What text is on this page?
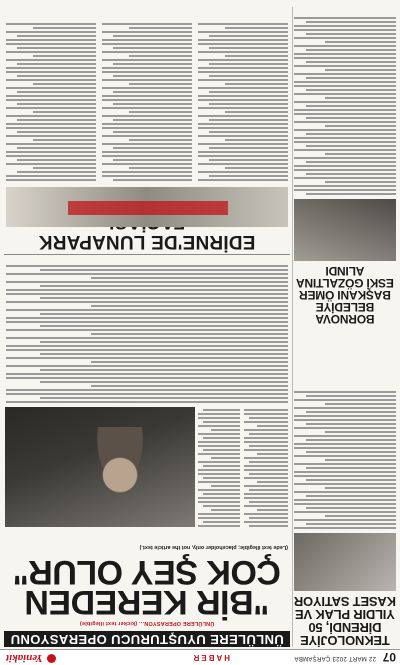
07
22 MART 2023 ÇARŞAMBA
HABER
Yeniakit
ÜNLÜLERE UYUŞTURUCU OPERASYONU
ÜNLÜLERE OPERASYON... (kicker text illegible)
"BİR KEREDEN ÇOK ŞEY OLUR"
(Lede text illegible; placeholder only, not the article text.)
TEKNOLOJİYE DİRENDİ, 50 YILDIR PLAK VE KASET SATIYOR
BORNOVA BELEDİYE BAŞKANI ÖMER ESKİ GÖZALTINA ALINDI
EDİRNE'DE LUNAPARK
